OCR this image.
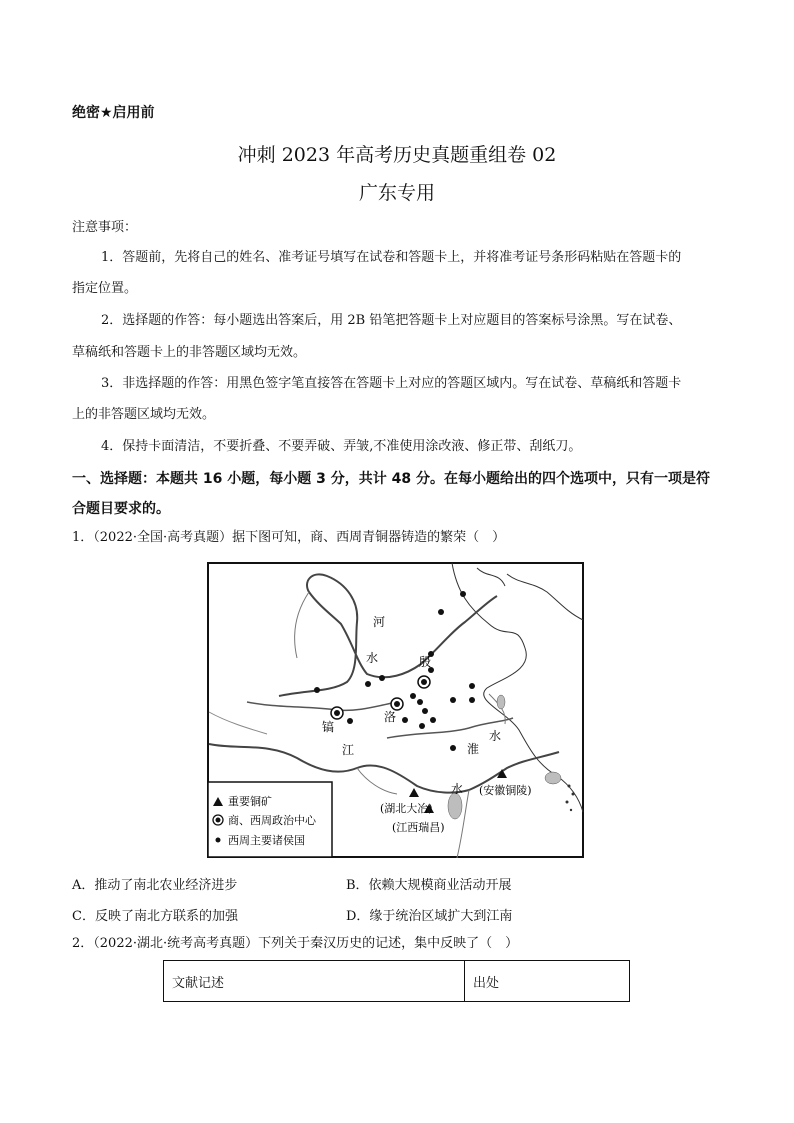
绝密★启用前
冲刺 2023 年高考历史真题重组卷 02
广东专用
注意事项：
1．答题前，先将自己的姓名、准考证号填写在试卷和答题卡上，并将准考证号条形码粘贴在答题卡的
指定位置。
2．选择题的作答：每小题选出答案后，用 2B 铅笔把答题卡上对应题目的答案标号涂黑。写在试卷、
草稿纸和答题卡上的非答题区域均无效。
3．非选择题的作答：用黑色签字笔直接答在答题卡上对应的答题区域内。写在试卷、草稿纸和答题卡
上的非答题区域均无效。
4．保持卡面清洁，不要折叠、不要弄破、弄皱,不准使用涂改液、修正带、刮纸刀。
一、选择题：本题共 16 小题，每小题 3 分，共计 48 分。在每小题给出的四个选项中，只有一项是符
合题目要求的。
1．（2022·全国·高考真题）据下图可知，商、西周青铜器铸造的繁荣（　）
河
水	殷
镐
洛
淮
水
江
水 (安徽铜陵)
(湖北大冶)
(江西瑞昌)
重要铜矿
商、西周政治中心
西周主要诸侯国
A．推动了南北农业经济进步	B．依赖大规模商业活动开展
C．反映了南北方联系的加强	D．缘于统治区域扩大到江南
2．（2022·湖北·统考高考真题）下列关于秦汉历史的记述，集中反映了（　）
文献记述	出处
